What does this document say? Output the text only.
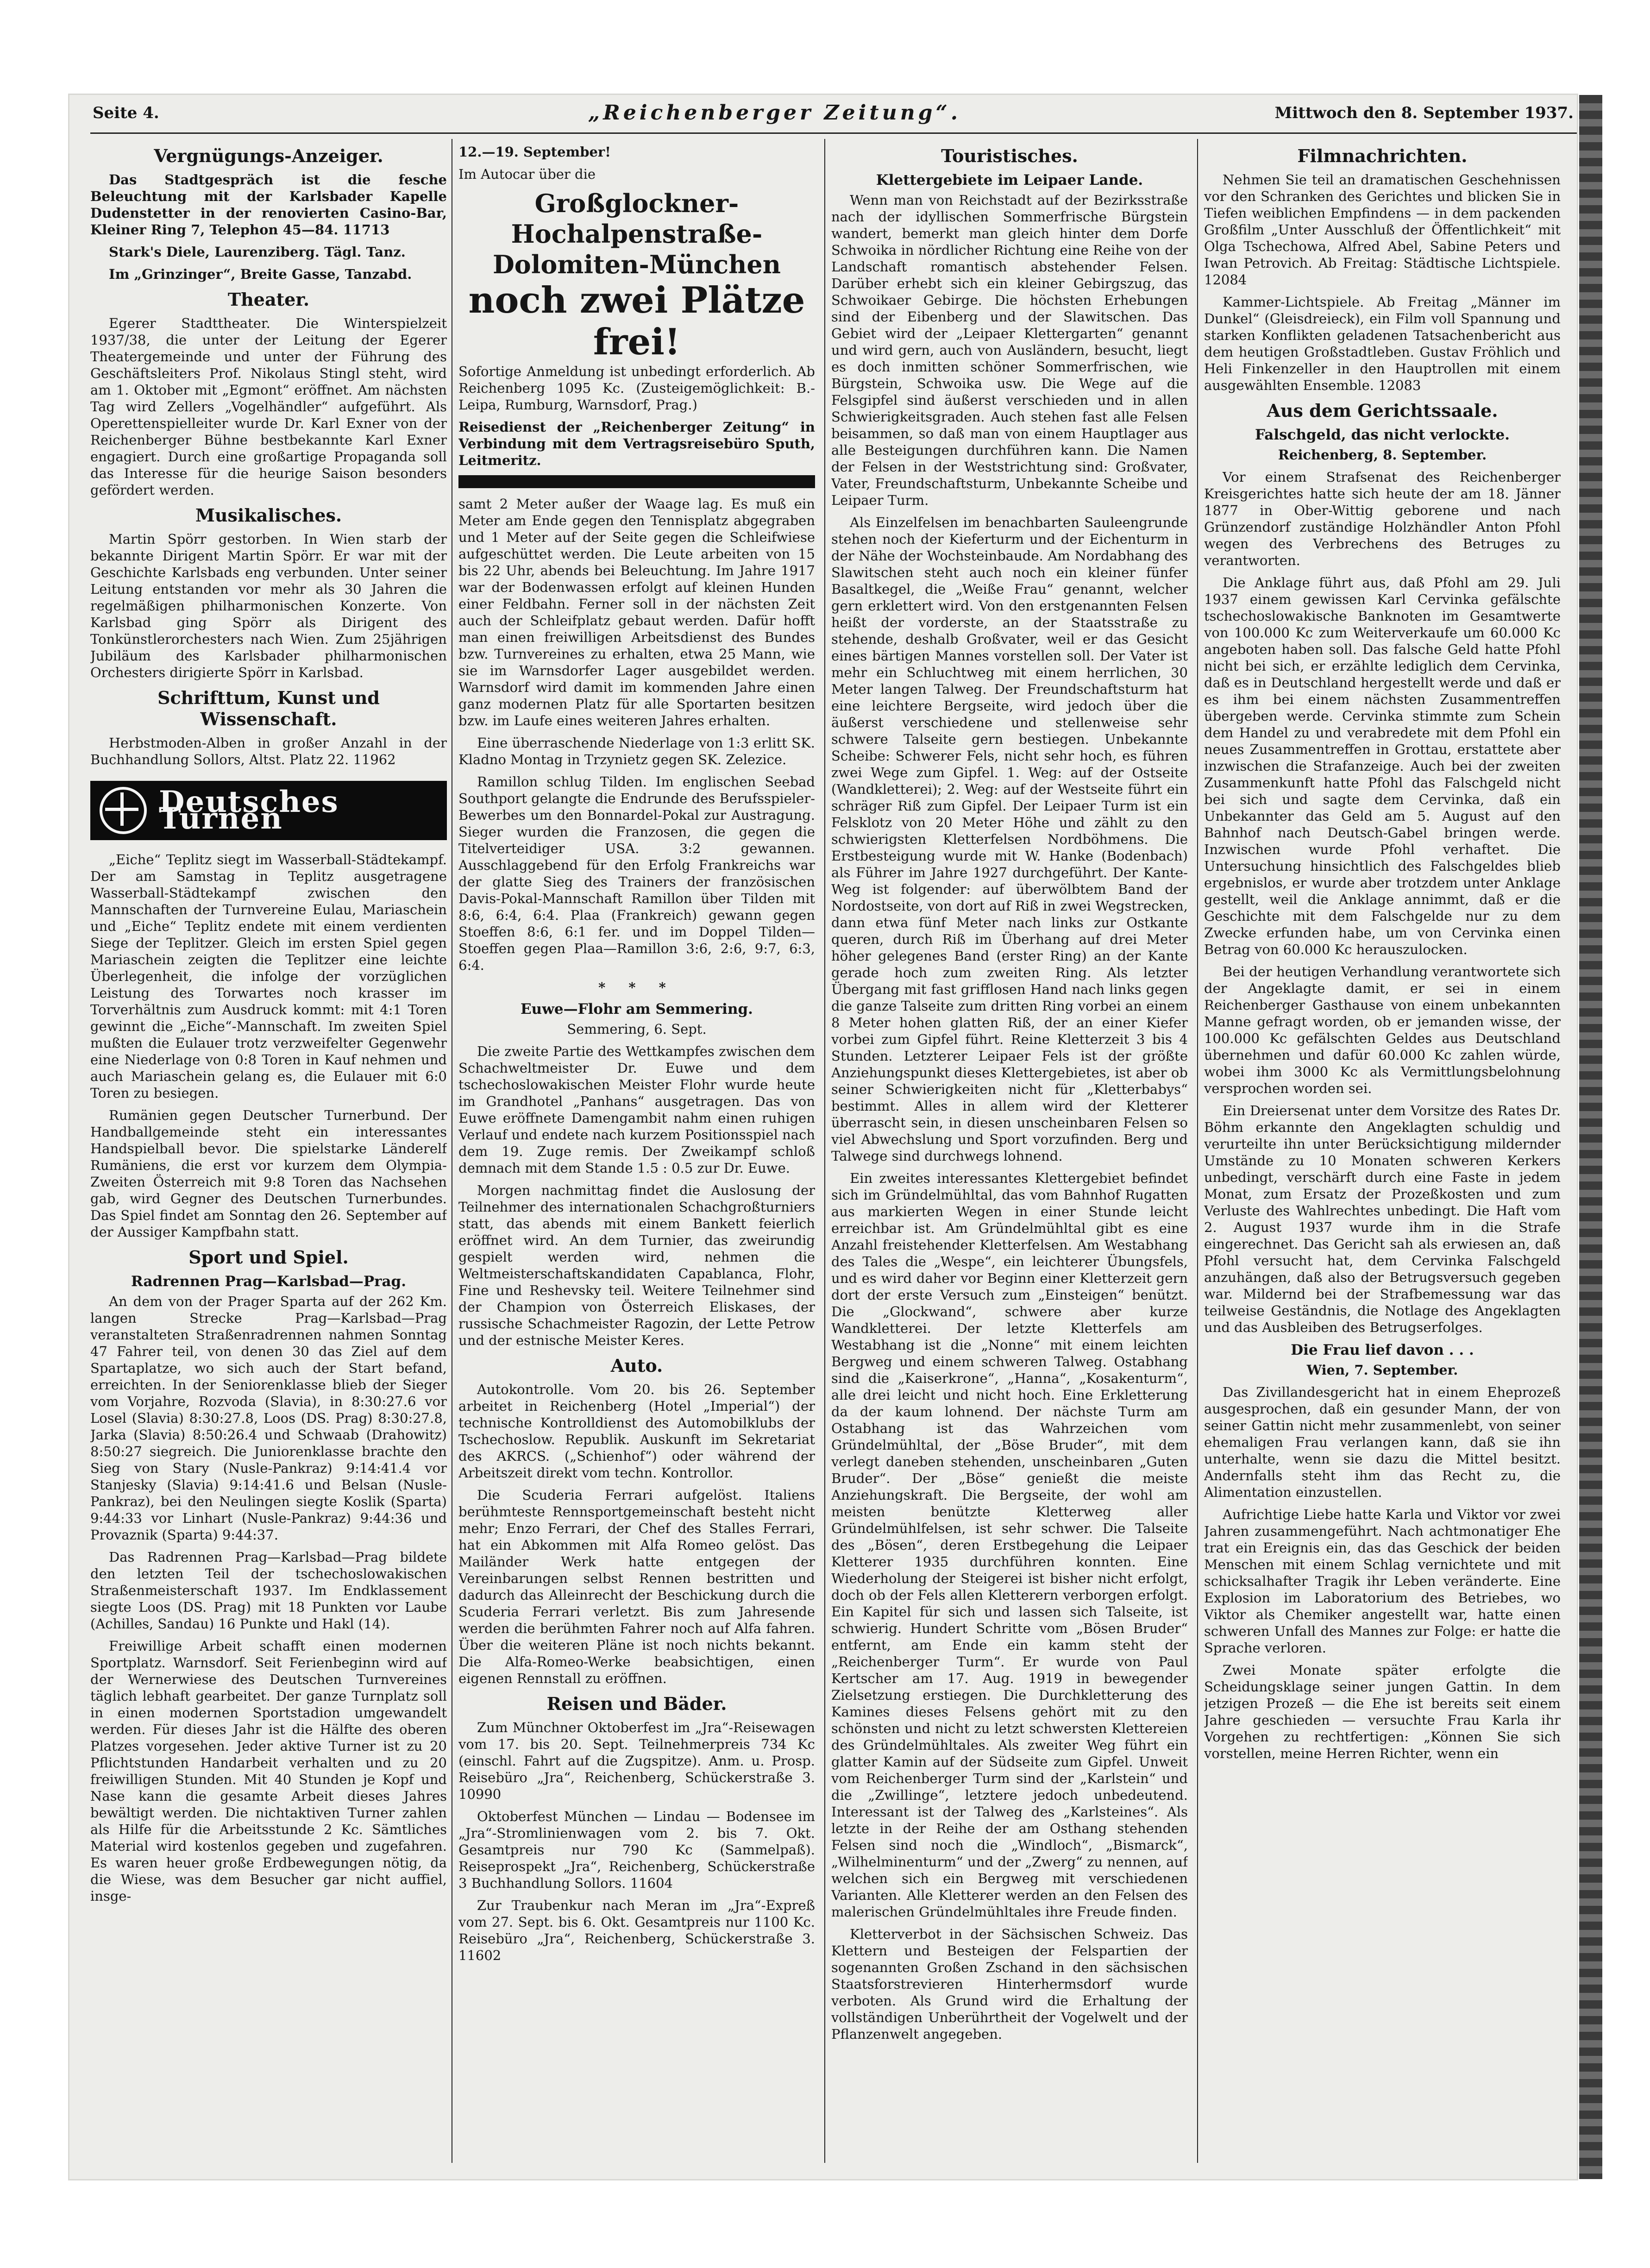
Seite 4.	„Reichenberger Zeitung“.	Mittwoch den 8. September 1937.
Vergnügungs-Anzeiger.

Das Stadtgespräch ist die fesche Beleuchtung mit der Karlsbader Kapelle Dudenstetter in der renovierten Casino-Bar, Kleiner Ring 7, Telephon 45—84. 11713

Stark's Diele, Laurenziberg. Tägl. Tanz.

Im „Grinzinger“, Breite Gasse, Tanzabd.

Theater.

Egerer Stadttheater. Die Winterspielzeit 1937/38, die unter der Leitung der Egerer Theatergemeinde und unter der Führung des Geschäftsleiters Prof. Nikolaus Stingl steht, wird am 1. Oktober mit „Egmont“ eröffnet. Am nächsten Tag wird Zellers „Vogelhändler“ aufgeführt. Als Operettenspielleiter wurde Dr. Karl Exner von der Reichenberger Bühne bestbekannte Karl Exner engagiert. Durch eine großartige Propaganda soll das Interesse für die heurige Saison besonders gefördert werden.

Musikalisches.

Martin Spörr gestorben. In Wien starb der bekannte Dirigent Martin Spörr. Er war mit der Geschichte Karlsbads eng verbunden. Unter seiner Leitung entstanden vor mehr als 30 Jahren die regelmäßigen philharmonischen Konzerte. Von Karlsbad ging Spörr als Dirigent des Tonkünstlerorchesters nach Wien. Zum 25jährigen Jubiläum des Karlsbader philharmonischen Orchesters dirigierte Spörr in Karlsbad.

Schrifttum, Kunst und Wissenschaft.

Herbstmoden-Alben in großer Anzahl in der Buchhandlung Sollors, Altst. Platz 22. 11962

Deutsches Turnen

„Eiche“ Teplitz siegt im Wasserball-Städtekampf. Der am Samstag in Teplitz ausgetragene Wasserball-Städtekampf zwischen den Mannschaften der Turnvereine Eulau, Mariaschein und „Eiche“ Teplitz endete mit einem verdienten Siege der Teplitzer. Gleich im ersten Spiel gegen Mariaschein zeigten die Teplitzer eine leichte Überlegenheit, die infolge der vorzüglichen Leistung des Torwartes noch krasser im Torverhältnis zum Ausdruck kommt: mit 4:1 Toren gewinnt die „Eiche“-Mannschaft. Im zweiten Spiel mußten die Eulauer trotz verzweifelter Gegenwehr eine Niederlage von 0:8 Toren in Kauf nehmen und auch Mariaschein gelang es, die Eulauer mit 6:0 Toren zu besiegen.

Rumänien gegen Deutscher Turnerbund. Der Handballgemeinde steht ein interessantes Handspielball bevor. Die spielstarke Länderelf Rumäniens, die erst vor kurzem dem Olympia-Zweiten Österreich mit 9:8 Toren das Nachsehen gab, wird Gegner des Deutschen Turnerbundes. Das Spiel findet am Sonntag den 26. September auf der Aussiger Kampfbahn statt.

Sport und Spiel.
Radrennen Prag—Karlsbad—Prag.

An dem von der Prager Sparta auf der 262 Km. langen Strecke Prag—Karlsbad—Prag veranstalteten Straßenradrennen nahmen Sonntag 47 Fahrer teil, von denen 30 das Ziel auf dem Spartaplatze, wo sich auch der Start befand, erreichten. In der Seniorenklasse blieb der Sieger vom Vorjahre, Rozvoda (Slavia), in 8:30:27.6 vor Losel (Slavia) 8:30:27.8, Loos (DS. Prag) 8:30:27.8, Jarka (Slavia) 8:50:26.4 und Schwaab (Drahowitz) 8:50:27 siegreich. Die Juniorenklasse brachte den Sieg von Stary (Nusle-Pankraz) 9:14:41.4 vor Stanjesky (Slavia) 9:14:41.6 und Belsan (Nusle-Pankraz), bei den Neulingen siegte Koslik (Sparta) 9:44:33 vor Linhart (Nusle-Pankraz) 9:44:36 und Provaznik (Sparta) 9:44:37.

Das Radrennen Prag—Karlsbad—Prag bildete den letzten Teil der tschechoslowakischen Straßenmeisterschaft 1937. Im Endklassement siegte Loos (DS. Prag) mit 18 Punkten vor Laube (Achilles, Sandau) 16 Punkte und Hakl (14).

Freiwillige Arbeit schafft einen modernen Sportplatz. Warnsdorf. Seit Ferienbeginn wird auf der Wernerwiese des Deutschen Turnvereines täglich lebhaft gearbeitet. Der ganze Turnplatz soll in einen modernen Sportstadion umgewandelt werden. Für dieses Jahr ist die Hälfte des oberen Platzes vorgesehen. Jeder aktive Turner ist zu 20 Pflichtstunden Handarbeit verhalten und zu 20 freiwilligen Stunden. Mit 40 Stunden je Kopf und Nase kann die gesamte Arbeit dieses Jahres bewältigt werden. Die nichtaktiven Turner zahlen als Hilfe für die Arbeitsstunde 2 Kc. Sämtliches Material wird kostenlos gegeben und zugefahren. Es waren heuer große Erdbewegungen nötig, da die Wiese, was dem Besucher gar nicht auffiel, insge-

12.—19. September!

Im Autocar über die

Großglockner-Hochalpenstraße-
Dolomiten-München
noch zwei Plätze frei!

Sofortige Anmeldung ist unbedingt erforderlich. Ab Reichenberg 1095 Kc. (Zusteigemöglichkeit: B.-Leipa, Rumburg, Warnsdorf, Prag.)

Reisedienst der „Reichenberger Zeitung“ in Verbindung mit dem Vertragsreisebüro Sputh, Leitmeritz.

samt 2 Meter außer der Waage lag. Es muß ein Meter am Ende gegen den Tennisplatz abgegraben und 1 Meter auf der Seite gegen die Schleifwiese aufgeschüttet werden. Die Leute arbeiten von 15 bis 22 Uhr, abends bei Beleuchtung. Im Jahre 1917 war der Bodenwassen erfolgt auf kleinen Hunden einer Feldbahn. Ferner soll in der nächsten Zeit auch der Schleifplatz gebaut werden. Dafür hofft man einen freiwilligen Arbeitsdienst des Bundes bzw. Turnvereines zu erhalten, etwa 25 Mann, wie sie im Warnsdorfer Lager ausgebildet werden. Warnsdorf wird damit im kommenden Jahre einen ganz modernen Platz für alle Sportarten besitzen bzw. im Laufe eines weiteren Jahres erhalten.

Eine überraschende Niederlage von 1:3 erlitt SK. Kladno Montag in Trzynietz gegen SK. Zelezice.

Ramillon schlug Tilden. Im englischen Seebad Southport gelangte die Endrunde des Berufsspieler-Bewerbes um den Bonnardel-Pokal zur Austragung. Sieger wurden die Franzosen, die gegen die Titelverteidiger USA. 3:2 gewannen. Ausschlaggebend für den Erfolg Frankreichs war der glatte Sieg des Trainers der französischen Davis-Pokal-Mannschaft Ramillon über Tilden mit 8:6, 6:4, 6:4. Plaa (Frankreich) gewann gegen Stoeffen 8:6, 6:1 fer. und im Doppel Tilden—Stoeffen gegen Plaa—Ramillon 3:6, 2:6, 9:7, 6:3, 6:4.

* * *
Euwe—Flohr am Semmering.

Semmering, 6. Sept.

Die zweite Partie des Wettkampfes zwischen dem Schachweltmeister Dr. Euwe und dem tschechoslowakischen Meister Flohr wurde heute im Grandhotel „Panhans“ ausgetragen. Das von Euwe eröffnete Damengambit nahm einen ruhigen Verlauf und endete nach kurzem Positionsspiel nach dem 19. Zuge remis. Der Zweikampf schloß demnach mit dem Stande 1.5 : 0.5 zur Dr. Euwe.

Morgen nachmittag findet die Auslosung der Teilnehmer des internationalen Schachgroßturniers statt, das abends mit einem Bankett feierlich eröffnet wird. An dem Turnier, das zweirundig gespielt werden wird, nehmen die Weltmeisterschaftskandidaten Capablanca, Flohr, Fine und Reshevsky teil. Weitere Teilnehmer sind der Champion von Österreich Eliskases, der russische Schachmeister Ragozin, der Lette Petrow und der estnische Meister Keres.

Auto.

Autokontrolle. Vom 20. bis 26. September arbeitet in Reichenberg (Hotel „Imperial“) der technische Kontrolldienst des Automobilklubs der Tschechoslow. Republik. Auskunft im Sekretariat des AKRCS. („Schienhof“) oder während der Arbeitszeit direkt vom techn. Kontrollor.

Die Scuderia Ferrari aufgelöst. Italiens berühmteste Rennsportgemeinschaft besteht nicht mehr; Enzo Ferrari, der Chef des Stalles Ferrari, hat ein Abkommen mit Alfa Romeo gelöst. Das Mailänder Werk hatte entgegen der Vereinbarungen selbst Rennen bestritten und dadurch das Alleinrecht der Beschickung durch die Scuderia Ferrari verletzt. Bis zum Jahresende werden die berühmten Fahrer noch auf Alfa fahren. Über die weiteren Pläne ist noch nichts bekannt. Die Alfa-Romeo-Werke beabsichtigen, einen eigenen Rennstall zu eröffnen.

Reisen und Bäder.

Zum Münchner Oktoberfest im „Jra“-Reisewagen vom 17. bis 20. Sept. Teilnehmerpreis 734 Kc (einschl. Fahrt auf die Zugspitze). Anm. u. Prosp. Reisebüro „Jra“, Reichenberg, Schückerstraße 3. 10990

Oktoberfest München — Lindau — Bodensee im „Jra“-Stromlinienwagen vom 2. bis 7. Okt. Gesamtpreis nur 790 Kc (Sammelpaß). Reiseprospekt „Jra“, Reichenberg, Schückerstraße 3 Buchhandlung Sollors. 11604

Zur Traubenkur nach Meran im „Jra“-Expreß vom 27. Sept. bis 6. Okt. Gesamtpreis nur 1100 Kc. Reisebüro „Jra“, Reichenberg, Schückerstraße 3. 11602

Touristisches.
Klettergebiete im Leipaer Lande.

Wenn man von Reichstadt auf der Bezirksstraße nach der idyllischen Sommerfrische Bürgstein wandert, bemerkt man gleich hinter dem Dorfe Schwoika in nördlicher Richtung eine Reihe von der Landschaft romantisch abstehender Felsen. Darüber erhebt sich ein kleiner Gebirgszug, das Schwoikaer Gebirge. Die höchsten Erhebungen sind der Eibenberg und der Slawitschen. Das Gebiet wird der „Leipaer Klettergarten“ genannt und wird gern, auch von Ausländern, besucht, liegt es doch inmitten schöner Sommerfrischen, wie Bürgstein, Schwoika usw. Die Wege auf die Felsgipfel sind äußerst verschieden und in allen Schwierigkeitsgraden. Auch stehen fast alle Felsen beisammen, so daß man von einem Hauptlager aus alle Besteigungen durchführen kann. Die Namen der Felsen in der Weststrichtung sind: Großvater, Vater, Freundschaftsturm, Unbekannte Scheibe und Leipaer Turm.

Als Einzelfelsen im benachbarten Sauleengrunde stehen noch der Kieferturm und der Eichenturm in der Nähe der Wochsteinbaude. Am Nordabhang des Slawitschen steht auch noch ein kleiner fünfer Basaltkegel, die „Weiße Frau“ genannt, welcher gern erklettert wird. Von den erstgenannten Felsen heißt der vorderste, an der Staatsstraße zu stehende, deshalb Großvater, weil er das Gesicht eines bärtigen Mannes vorstellen soll. Der Vater ist mehr ein Schluchtweg mit einem herrlichen, 30 Meter langen Talweg. Der Freundschaftsturm hat eine leichtere Bergseite, wird jedoch über die äußerst verschiedene und stellenweise sehr schwere Talseite gern bestiegen. Unbekannte Scheibe: Schwerer Fels, nicht sehr hoch, es führen zwei Wege zum Gipfel. 1. Weg: auf der Ostseite (Wandkletterei); 2. Weg: auf der Westseite führt ein schräger Riß zum Gipfel. Der Leipaer Turm ist ein Felsklotz von 20 Meter Höhe und zählt zu den schwierigsten Kletterfelsen Nordböhmens. Die Erstbesteigung wurde mit W. Hanke (Bodenbach) als Führer im Jahre 1927 durchgeführt. Der Kante-Weg ist folgender: auf überwölbtem Band der Nordostseite, von dort auf Riß in zwei Wegstrecken, dann etwa fünf Meter nach links zur Ostkante queren, durch Riß im Überhang auf drei Meter höher gelegenes Band (erster Ring) an der Kante gerade hoch zum zweiten Ring. Als letzter Übergang mit fast grifflosen Hand nach links gegen die ganze Talseite zum dritten Ring vorbei an einem 8 Meter hohen glatten Riß, der an einer Kiefer vorbei zum Gipfel führt. Reine Kletterzeit 3 bis 4 Stunden. Letzterer Leipaer Fels ist der größte Anziehungspunkt dieses Klettergebietes, ist aber ob seiner Schwierigkeiten nicht für „Kletterbabys“ bestimmt. Alles in allem wird der Kletterer überrascht sein, in diesen unscheinbaren Felsen so viel Abwechslung und Sport vorzufinden. Berg und Talwege sind durchwegs lohnend.

Ein zweites interessantes Klettergebiet befindet sich im Gründelmühltal, das vom Bahnhof Rugatten aus markierten Wegen in einer Stunde leicht erreichbar ist. Am Gründelmühltal gibt es eine Anzahl freistehender Kletterfelsen. Am Westabhang des Tales die „Wespe“, ein leichterer Übungsfels, und es wird daher vor Beginn einer Kletterzeit gern dort der erste Versuch zum „Einsteigen“ benützt. Die „Glockwand“, schwere aber kurze Wandkletterei. Der letzte Kletterfels am Westabhang ist die „Nonne“ mit einem leichten Bergweg und einem schweren Talweg. Ostabhang sind die „Kaiserkrone“, „Hanna“, „Kosakenturm“, alle drei leicht und nicht hoch. Eine Erkletterung da der kaum lohnend. Der nächste Turm am Ostabhang ist das Wahrzeichen vom Gründelmühltal, der „Böse Bruder“, mit dem verlegt daneben stehenden, unscheinbaren „Guten Bruder“. Der „Böse“ genießt die meiste Anziehungskraft. Die Bergseite, der wohl am meisten benützte Kletterweg aller Gründelmühlfelsen, ist sehr schwer. Die Talseite des „Bösen“, deren Erstbegehung die Leipaer Kletterer 1935 durchführen konnten. Eine Wiederholung der Steigerei ist bisher nicht erfolgt, doch ob der Fels allen Kletterern verborgen erfolgt. Ein Kapitel für sich und lassen sich Talseite, ist schwierig. Hundert Schritte vom „Bösen Bruder“ entfernt, am Ende ein kamm steht der „Reichenberger Turm“. Er wurde von Paul Kertscher am 17. Aug. 1919 in bewegender Zielsetzung erstiegen. Die Durchkletterung des Kamines dieses Felsens gehört mit zu den schönsten und nicht zu letzt schwersten Klettereien des Gründelmühltales. Als zweiter Weg führt ein glatter Kamin auf der Südseite zum Gipfel. Unweit vom Reichenberger Turm sind der „Karlstein“ und die „Zwillinge“, letztere jedoch unbedeutend. Interessant ist der Talweg des „Karlsteines“. Als letzte in der Reihe der am Osthang stehenden Felsen sind noch die „Windloch“, „Bismarck“, „Wilhelminenturm“ und der „Zwerg“ zu nennen, auf welchen sich ein Bergweg mit verschiedenen Varianten. Alle Kletterer werden an den Felsen des malerischen Gründelmühltales ihre Freude finden.

Kletterverbot in der Sächsischen Schweiz. Das Klettern und Besteigen der Felspartien der sogenannten Großen Zschand in den sächsischen Staatsforstrevieren Hinterhermsdorf wurde verboten. Als Grund wird die Erhaltung der vollständigen Unberührtheit der Vogelwelt und der Pflanzenwelt angegeben.

Filmnachrichten.

Nehmen Sie teil an dramatischen Geschehnissen vor den Schranken des Gerichtes und blicken Sie in Tiefen weiblichen Empfindens — in dem packenden Großfilm „Unter Ausschluß der Öffentlichkeit“ mit Olga Tschechowa, Alfred Abel, Sabine Peters und Iwan Petrovich. Ab Freitag: Städtische Lichtspiele. 12084

Kammer-Lichtspiele. Ab Freitag „Männer im Dunkel“ (Gleisdreieck), ein Film voll Spannung und starken Konflikten geladenen Tatsachenbericht aus dem heutigen Großstadtleben. Gustav Fröhlich und Heli Finkenzeller in den Hauptrollen mit einem ausgewählten Ensemble. 12083

Aus dem Gerichtssaale.
Falschgeld, das nicht verlockte.

Reichenberg, 8. September.

Vor einem Strafsenat des Reichenberger Kreisgerichtes hatte sich heute der am 18. Jänner 1877 in Ober-Wittig geborene und nach Grünzendorf zuständige Holzhändler Anton Pfohl wegen des Verbrechens des Betruges zu verantworten.

Die Anklage führt aus, daß Pfohl am 29. Juli 1937 einem gewissen Karl Cervinka gefälschte tschechoslowakische Banknoten im Gesamtwerte von 100.000 Kc zum Weiterverkaufe um 60.000 Kc angeboten haben soll. Das falsche Geld hatte Pfohl nicht bei sich, er erzählte lediglich dem Cervinka, daß es in Deutschland hergestellt werde und daß er es ihm bei einem nächsten Zusammentreffen übergeben werde. Cervinka stimmte zum Schein dem Handel zu und verabredete mit dem Pfohl ein neues Zusammentreffen in Grottau, erstattete aber inzwischen die Strafanzeige. Auch bei der zweiten Zusammenkunft hatte Pfohl das Falschgeld nicht bei sich und sagte dem Cervinka, daß ein Unbekannter das Geld am 5. August auf den Bahnhof nach Deutsch-Gabel bringen werde. Inzwischen wurde Pfohl verhaftet. Die Untersuchung hinsichtlich des Falschgeldes blieb ergebnislos, er wurde aber trotzdem unter Anklage gestellt, weil die Anklage annimmt, daß er die Geschichte mit dem Falschgelde nur zu dem Zwecke erfunden habe, um von Cervinka einen Betrag von 60.000 Kc herauszulocken.

Bei der heutigen Verhandlung verantwortete sich der Angeklagte damit, er sei in einem Reichenberger Gasthause von einem unbekannten Manne gefragt worden, ob er jemanden wisse, der 100.000 Kc gefälschten Geldes aus Deutschland übernehmen und dafür 60.000 Kc zahlen würde, wobei ihm 3000 Kc als Vermittlungsbelohnung versprochen worden sei.

Ein Dreiersenat unter dem Vorsitze des Rates Dr. Böhm erkannte den Angeklagten schuldig und verurteilte ihn unter Berücksichtigung mildernder Umstände zu 10 Monaten schweren Kerkers unbedingt, verschärft durch eine Faste in jedem Monat, zum Ersatz der Prozeßkosten und zum Verluste des Wahlrechtes unbedingt. Die Haft vom 2. August 1937 wurde ihm in die Strafe eingerechnet. Das Gericht sah als erwiesen an, daß Pfohl versucht hat, dem Cervinka Falschgeld anzuhängen, daß also der Betrugsversuch gegeben war. Mildernd bei der Strafbemessung war das teilweise Geständnis, die Notlage des Angeklagten und das Ausbleiben des Betrugserfolges.

Die Frau lief davon . . .

Wien, 7. September.

Das Zivillandesgericht hat in einem Eheprozeß ausgesprochen, daß ein gesunder Mann, der von seiner Gattin nicht mehr zusammenlebt, von seiner ehemaligen Frau verlangen kann, daß sie ihn unterhalte, wenn sie dazu die Mittel besitzt. Andernfalls steht ihm das Recht zu, die Alimentation einzustellen.

Aufrichtige Liebe hatte Karla und Viktor vor zwei Jahren zusammengeführt. Nach achtmonatiger Ehe trat ein Ereignis ein, das das Geschick der beiden Menschen mit einem Schlag vernichtete und mit schicksalhafter Tragik ihr Leben veränderte. Eine Explosion im Laboratorium des Betriebes, wo Viktor als Chemiker angestellt war, hatte einen schweren Unfall des Mannes zur Folge: er hatte die Sprache verloren.

Zwei Monate später erfolgte die Scheidungsklage seiner jungen Gattin. In dem jetzigen Prozeß — die Ehe ist bereits seit einem Jahre geschieden — versuchte Frau Karla ihr Vorgehen zu rechtfertigen: „Können Sie sich vorstellen, meine Herren Richter, wenn ein
